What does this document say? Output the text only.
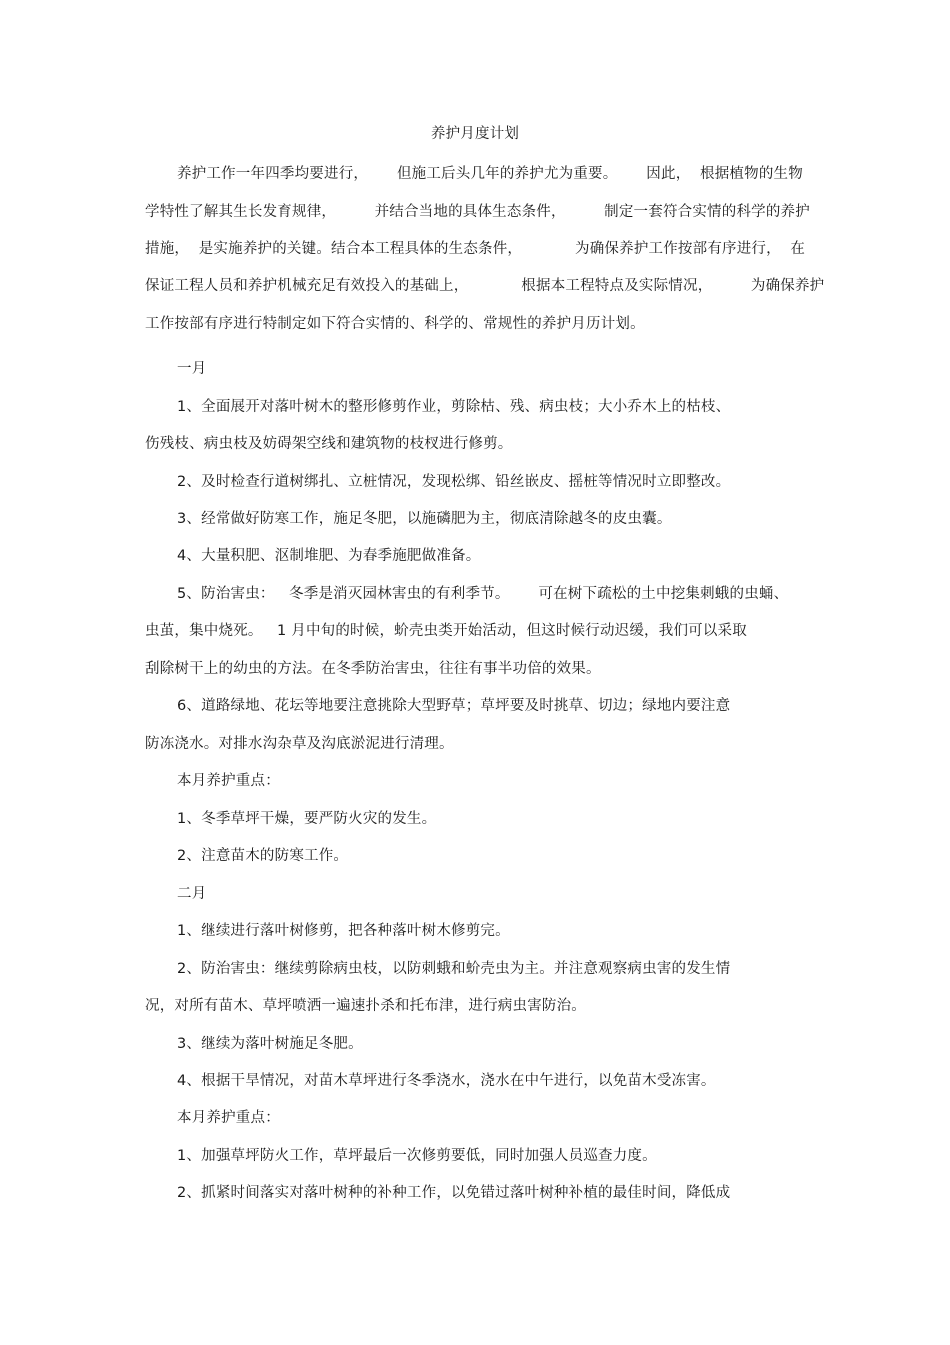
养护月度计划
养护工作一年四季均要进行，      但施工后头几年的养护尤为重要。      因此，  根据植物的生物
学特性了解其生长发育规律，        并结合当地的具体生态条件，        制定一套符合实情的科学的养护
措施，  是实施养护的关键。结合本工程具体的生态条件，           为确保养护工作按部有序进行，  在
保证工程人员和养护机械充足有效投入的基础上，           根据本工程特点及实际情况，        为确保养护
工作按部有序进行特制定如下符合实情的、科学的、常规性的养护月历计划。
一月
1、全面展开对落叶树木的整形修剪作业，剪除枯、残、病虫枝；大小乔木上的枯枝、
伤残枝、病虫枝及妨碍架空线和建筑物的枝杈进行修剪。
2、及时检查行道树绑扎、立桩情况，发现松绑、铅丝嵌皮、摇桩等情况时立即整改。
3、经常做好防寒工作，施足冬肥，以施磷肥为主，彻底清除越冬的皮虫囊。
4、大量积肥、沤制堆肥、为春季施肥做准备。
5、防治害虫：   冬季是消灭园林害虫的有利季节。      可在树下疏松的土中挖集刺蛾的虫蛹、
虫茧，集中烧死。   1 月中旬的时候，蚧壳虫类开始活动，但这时候行动迟缓，我们可以采取
刮除树干上的幼虫的方法。在冬季防治害虫，往往有事半功倍的效果。
6、道路绿地、花坛等地要注意挑除大型野草；草坪要及时挑草、切边；绿地内要注意
防冻浇水。对排水沟杂草及沟底淤泥进行清理。
本月养护重点：
1、冬季草坪干燥，要严防火灾的发生。
2、注意苗木的防寒工作。
二月
1、继续进行落叶树修剪，把各种落叶树木修剪完。
2、防治害虫：继续剪除病虫枝，以防刺蛾和蚧壳虫为主。并注意观察病虫害的发生情
况，对所有苗木、草坪喷洒一遍速扑杀和托布津，进行病虫害防治。
3、继续为落叶树施足冬肥。
4、根据干旱情况，对苗木草坪进行冬季浇水，浇水在中午进行，以免苗木受冻害。
本月养护重点：
1、加强草坪防火工作，草坪最后一次修剪要低，同时加强人员巡查力度。
2、抓紧时间落实对落叶树种的补种工作，以免错过落叶树种补植的最佳时间，降低成
